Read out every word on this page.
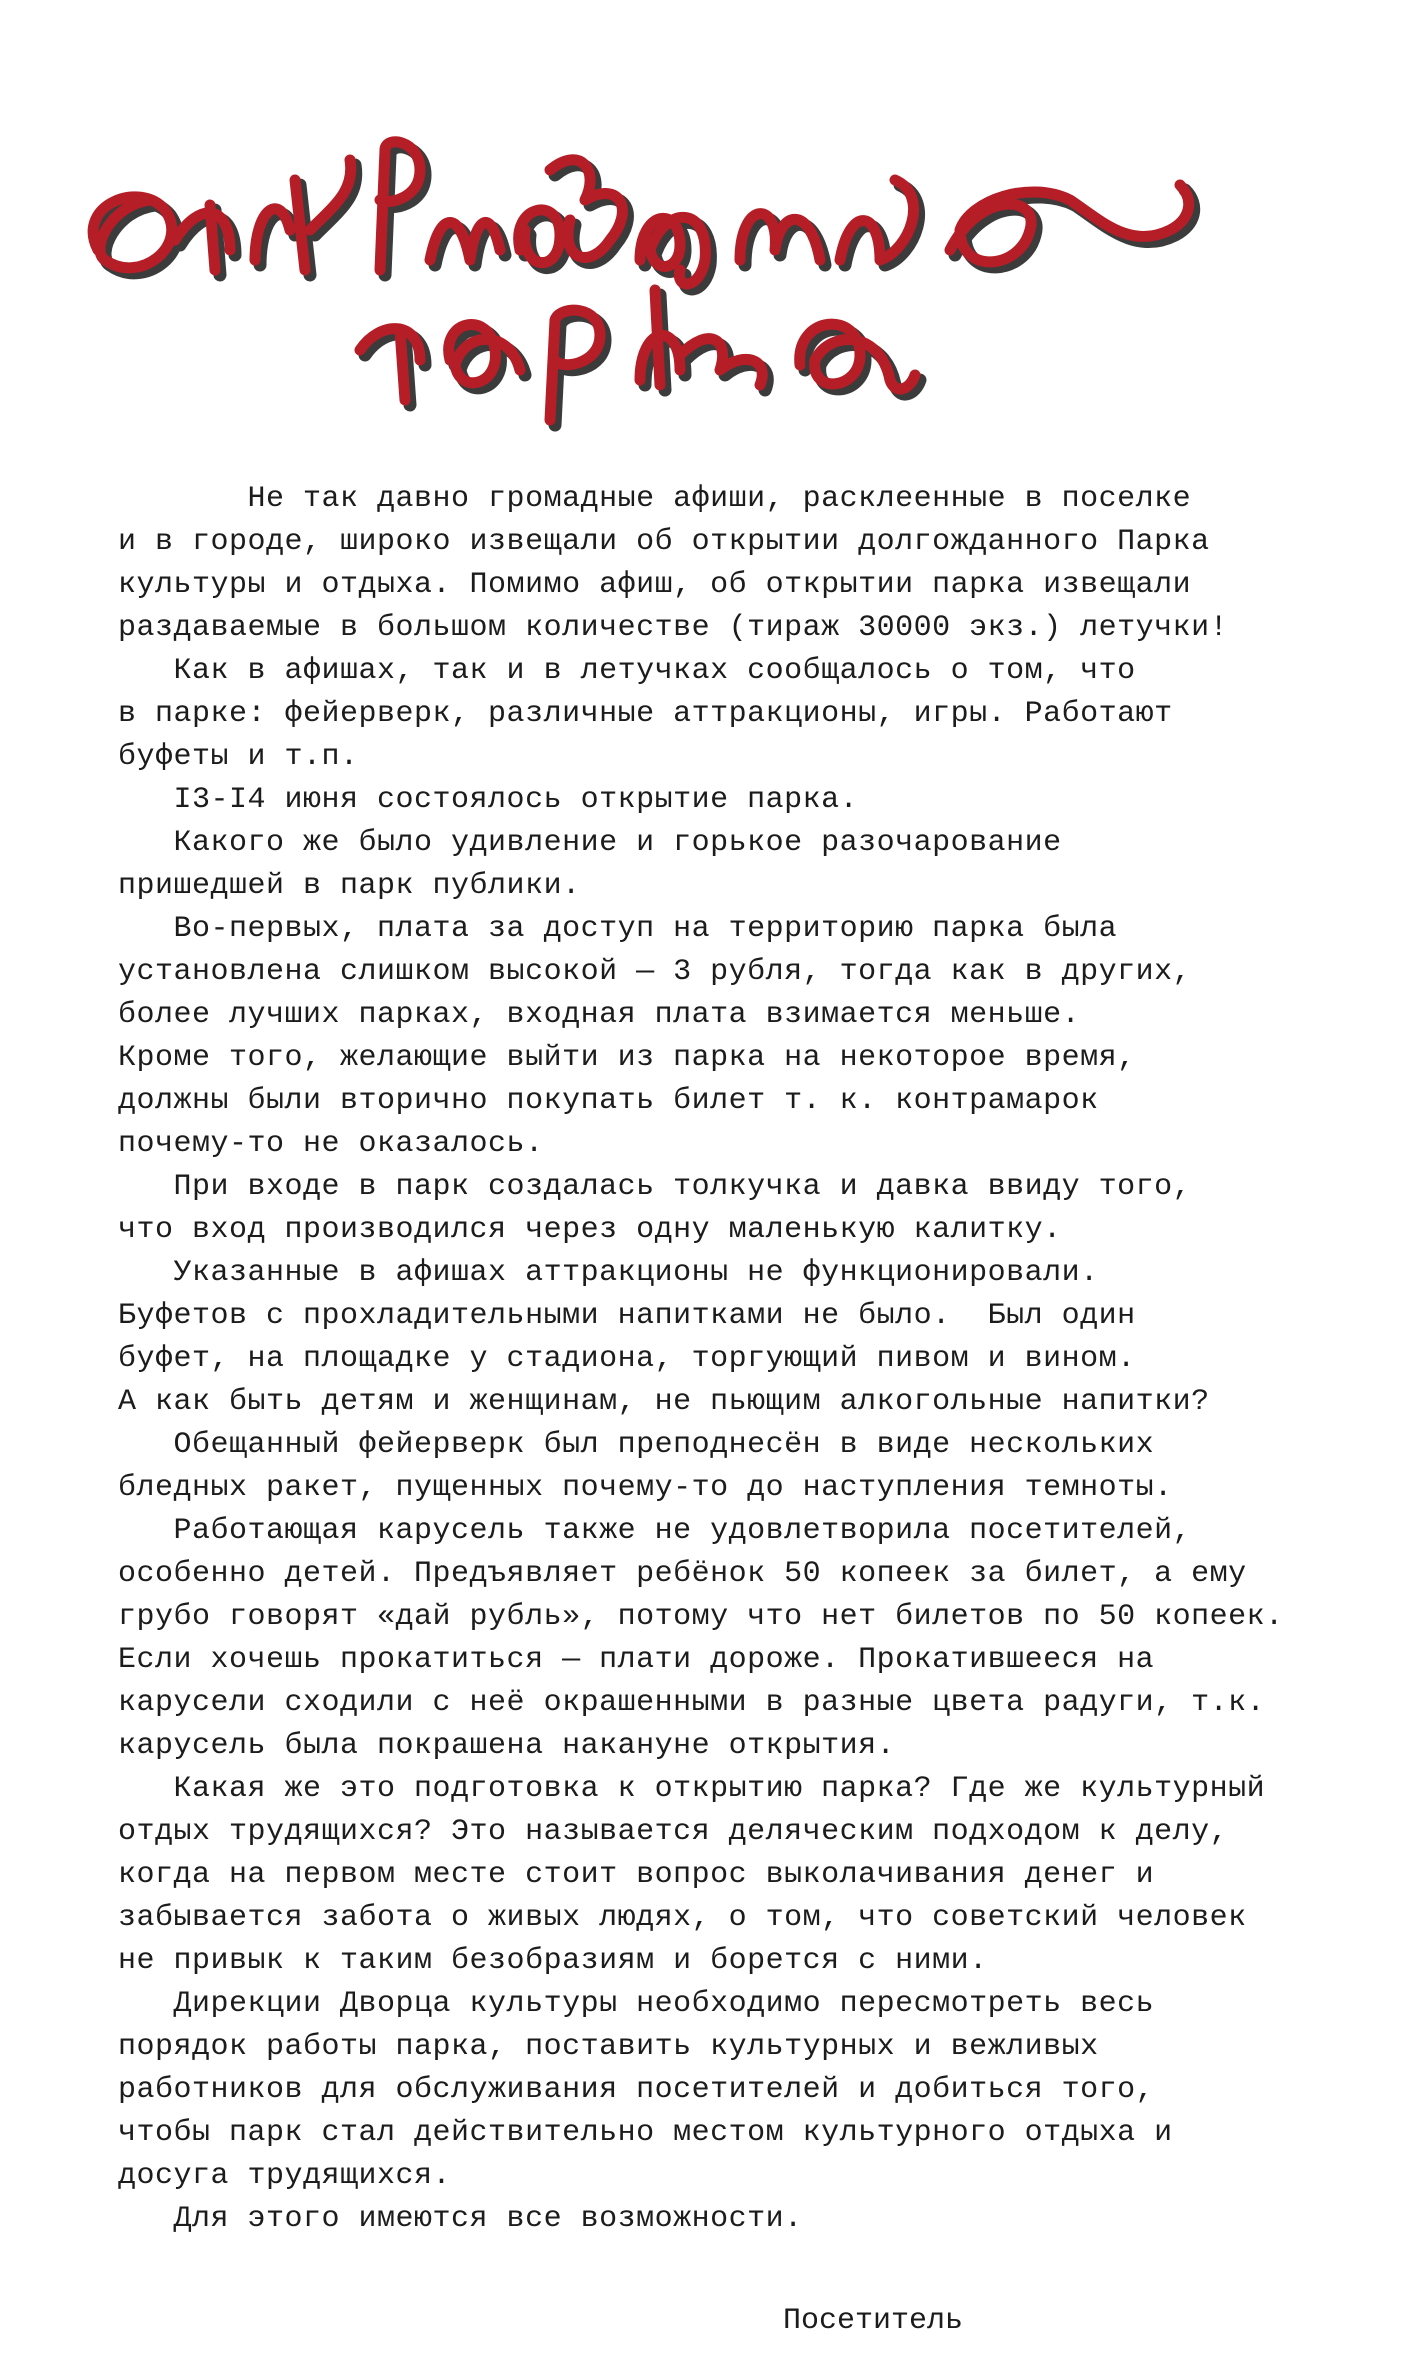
Не так давно громадные афиши, расклеенные в поселке
и в городе, широко извещали об открытии долгожданного Парка
культуры и отдыха. Помимо афиш, об открытии парка извещали
раздаваемые в большом количестве (тираж 30000 экз.) летучки!
Как в афишах, так и в летучках сообщалось о том, что
в парке: фейерверк, различные аттракционы, игры. Работают
буфеты и т.п.
I3-I4 июня состоялось открытие парка.
Какого же было удивление и горькое разочарование
пришедшей в парк публики.
Во-первых, плата за доступ на территорию парка была
установлена слишком высокой — 3 рубля, тогда как в других,
более лучших парках, входная плата взимается меньше.
Кроме того, желающие выйти из парка на некоторое время,
должны были вторично покупать билет т. к. контрамарок
почему-то не оказалось.
При входе в парк создалась толкучка и давка ввиду того,
что вход производился через одну маленькую калитку.
Указанные в афишах аттракционы не функционировали.
Буфетов с прохладительными напитками не было.  Был один
буфет, на площадке у стадиона, торгующий пивом и вином.
А как быть детям и женщинам, не пьющим алкогольные напитки?
Обещанный фейерверк был преподнесён в виде нескольких
бледных ракет, пущенных почему-то до наступления темноты.
Работающая карусель также не удовлетворила посетителей,
особенно детей. Предъявляет ребёнок 50 копеек за билет, а ему
грубо говорят «дай рубль», потому что нет билетов по 50 копеек.
Если хочешь прокатиться — плати дороже. Прокатившееся на
карусели сходили с неё окрашенными в разные цвета радуги, т.к.
карусель была покрашена накануне открытия.
Какая же это подготовка к открытию парка? Где же культурный
отдых трудящихся? Это называется деляческим подходом к делу,
когда на первом месте стоит вопрос выколачивания денег и
забывается забота о живых людях, о том, что советский человек
не привык к таким безобразиям и борется с ними.
Дирекции Дворца культуры необходимо пересмотреть весь
порядок работы парка, поставить культурных и вежливых
работников для обслуживания посетителей и добиться того,
чтобы парк стал действительно местом культурного отдыха и
досуга трудящихся.
Для этого имеются все возможности.
Посетитель
